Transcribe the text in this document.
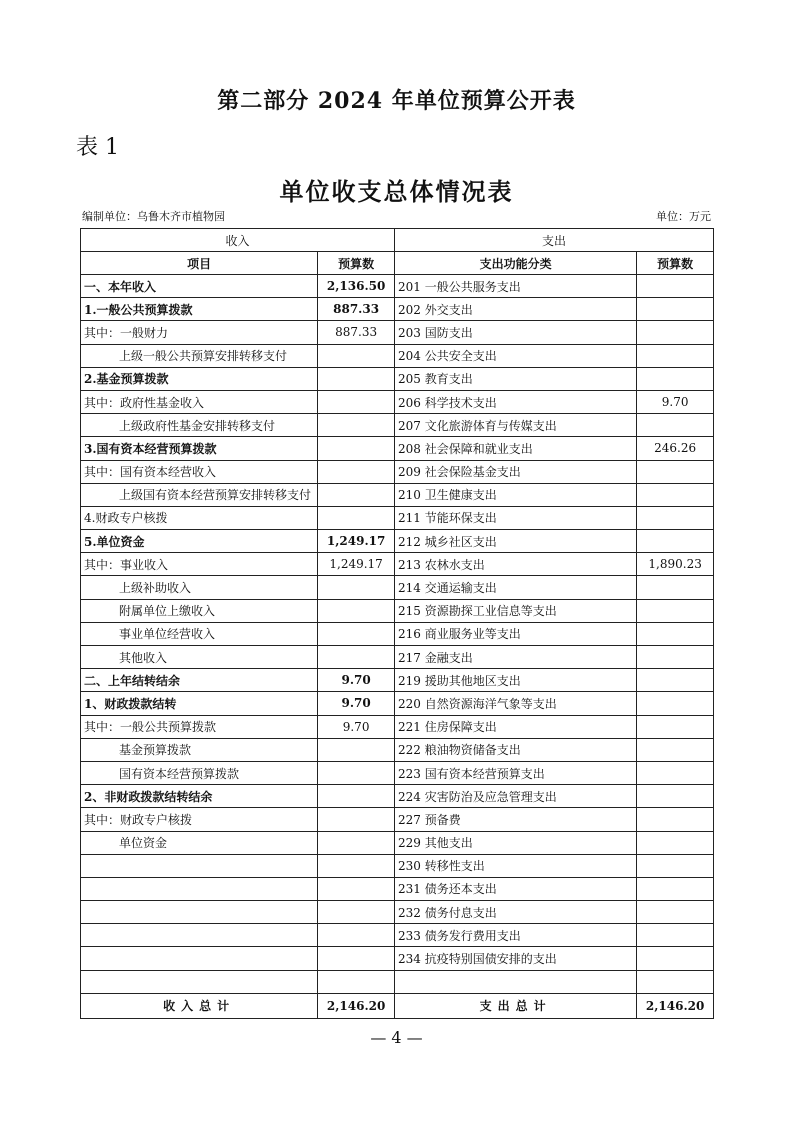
第二部分 2024 年单位预算公开表
表 1
单位收支总体情况表
编制单位：乌鲁木齐市植物园	单位：万元
收入		支出	
项目	预算数	支出功能分类	预算数
一、本年收入	2,136.50	201 一般公共服务支出	
1.一般公共预算拨款	887.33	202 外交支出	
其中：一般财力	887.33	203 国防支出	
上级一般公共预算安排转移支付		204 公共安全支出	
2.基金预算拨款		205 教育支出	
其中：政府性基金收入		206 科学技术支出	9.70
上级政府性基金安排转移支付		207 文化旅游体育与传媒支出	
3.国有资本经营预算拨款		208 社会保障和就业支出	246.26
其中：国有资本经营收入		209 社会保险基金支出	
上级国有资本经营预算安排转移支付		210 卫生健康支出	
4.财政专户核拨		211 节能环保支出	
5.单位资金	1,249.17	212 城乡社区支出	
其中：事业收入	1,249.17	213 农林水支出	1,890.23
上级补助收入		214 交通运输支出	
附属单位上缴收入		215 资源勘探工业信息等支出	
事业单位经营收入		216 商业服务业等支出	
其他收入		217 金融支出	
二、上年结转结余	9.70	219 援助其他地区支出	
1、财政拨款结转	9.70	220 自然资源海洋气象等支出	
其中：一般公共预算拨款	9.70	221 住房保障支出	
基金预算拨款		222 粮油物资储备支出	
国有资本经营预算拨款		223 国有资本经营预算支出	
2、非财政拨款结转结余		224 灾害防治及应急管理支出	
其中：财政专户核拨		227 预备费	
单位资金		229 其他支出	
		230 转移性支出	
		231 债务还本支出	
		232 债务付息支出	
		233 债务发行费用支出	
		234 抗疫特别国债安排的支出	

收入总计	2,146.20	支出总计	2,146.20
— 4 —
